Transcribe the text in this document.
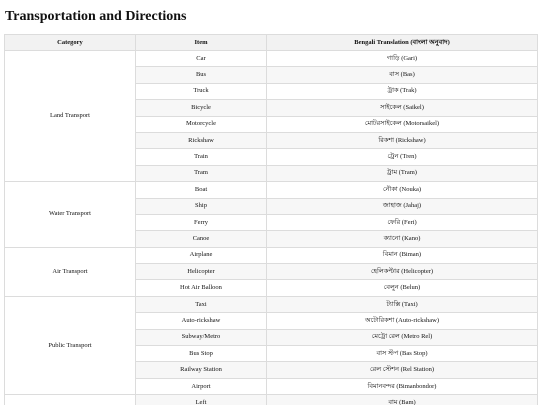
Transportation and Directions
Category	Item	Bengali Translation (বাংলা অনুবাদ)
Land Transport	Car	গাড়ি (Gari)
	Bus	বাস (Bas)
	Truck	ট্রাক (Trak)
	Bicycle	সাইকেল (Saikel)
	Motorcycle	মোটরসাইকেল (Motorsaikel)
	Rickshaw	রিকশা (Rickshaw)
	Train	ট্রেন (Tren)
	Tram	ট্রাম (Tram)
Water Transport	Boat	নৌকা (Nouka)
	Ship	জাহাজ (Jahaj)
	Ferry	ফেরি (Feri)
	Canoe	ক্যানো (Kano)
Air Transport	Airplane	বিমান (Biman)
	Helicopter	হেলিকপ্টার (Helicopter)
	Hot Air Balloon	বেলুন (Belun)
Public Transport	Taxi	ট্যাক্সি (Taxi)
	Auto-rickshaw	অটোরিকশা (Auto-rickshaw)
	Subway/Metro	মেট্রো রেল (Metro Rel)
	Bus Stop	বাস স্টপ (Bas Stop)
	Railway Station	রেল স্টেশন (Rel Station)
	Airport	বিমানবন্দর (Bimanbondor)
	Left	বাম (Bam)
